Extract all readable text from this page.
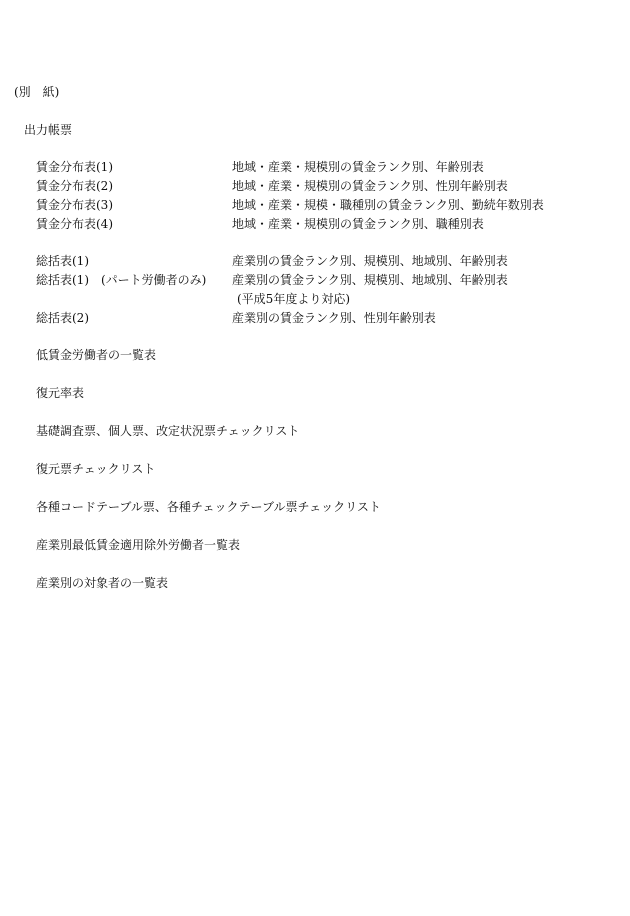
(別　紙)
出力帳票
賃金分布表(1)	地域・産業・規模別の賃金ランク別、年齢別表
賃金分布表(2)	地域・産業・規模別の賃金ランク別、性別年齢別表
賃金分布表(3)	地域・産業・規模・職種別の賃金ランク別、勤続年数別表
賃金分布表(4)	地域・産業・規模別の賃金ランク別、職種別表
総括表(1)	産業別の賃金ランク別、規模別、地域別、年齢別表
総括表(1)　(パート労働者のみ)	産業別の賃金ランク別、規模別、地域別、年齢別表
(平成5年度より対応)
総括表(2)	産業別の賃金ランク別、性別年齢別表
低賃金労働者の一覧表
復元率表
基礎調査票、個人票、改定状況票チェックリスト
復元票チェックリスト
各種コードテーブル票、各種チェックテーブル票チェックリスト
産業別最低賃金適用除外労働者一覧表
産業別の対象者の一覧表
